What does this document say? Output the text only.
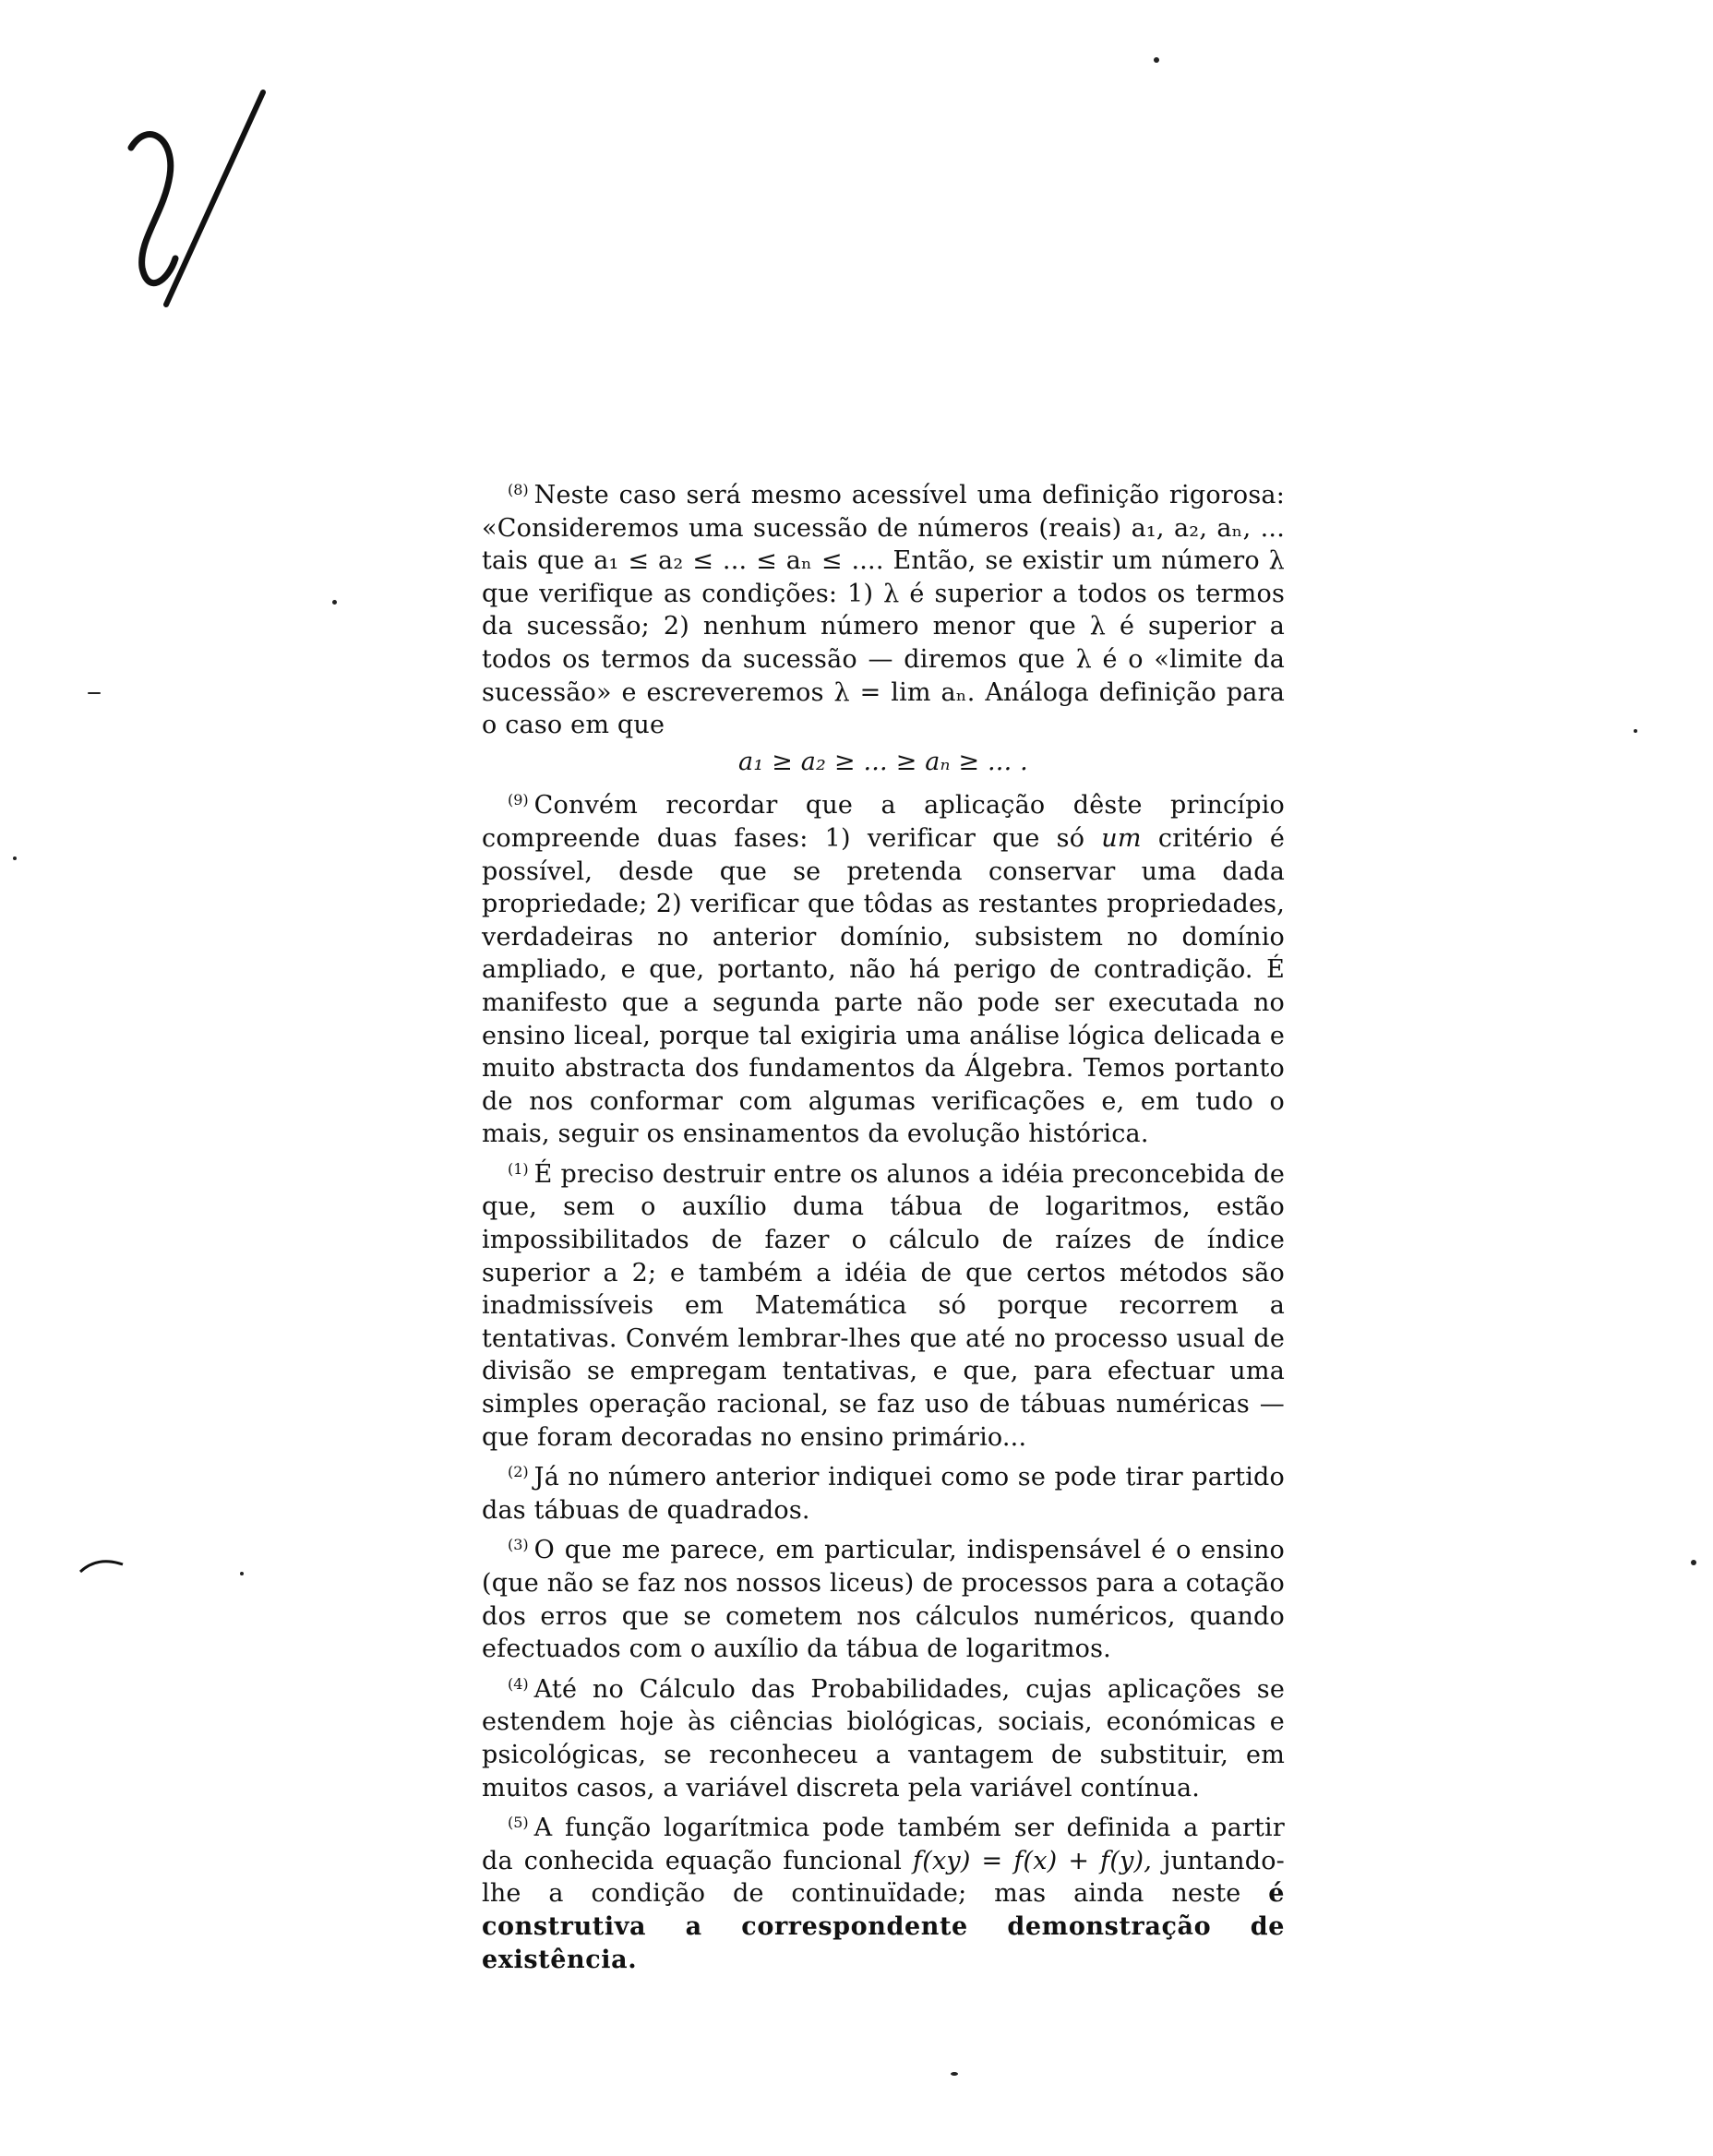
$^{(8)}$ Neste caso será mesmo acessível uma definição rigorosa: «Consideremos uma sucessão de números (reais) a₁, a₂, aₙ, ... tais que a₁ ≤ a₂ ≤ ... ≤ aₙ ≤ .... Então, se existir um número λ que verifique as condições: 1) λ é superior a todos os termos da sucessão; 2) nenhum número menor que λ é superior a todos os termos da sucessão — diremos que λ é o «limite da sucessão» e escreveremos λ = lim aₙ. Análoga definição para o caso em que

a₁ ≥ a₂ ≥ ... ≥ aₙ ≥ ... .

$^{(9)}$ Convém recordar que a aplicação dêste princípio compreende duas fases: 1) verificar que só um critério é possível, desde que se pretenda conservar uma dada propriedade; 2) verificar que tôdas as restantes propriedades, verdadeiras no anterior domínio, subsistem no domínio ampliado, e que, portanto, não há perigo de contradição. É manifesto que a segunda parte não pode ser executada no ensino liceal, porque tal exigiria uma análise lógica delicada e muito abstracta dos fundamentos da Álgebra. Temos portanto de nos conformar com algumas verificações e, em tudo o mais, seguir os ensinamentos da evolução histórica.

$^{(1)}$ É preciso destruir entre os alunos a idéia preconcebida de que, sem o auxílio duma tábua de logaritmos, estão impossibilitados de fazer o cálculo de raízes de índice superior a 2; e também a idéia de que certos métodos são inadmissíveis em Matemática só porque recorrem a tentativas. Convém lembrar-lhes que até no processo usual de divisão se empregam tentativas, e que, para efectuar uma simples operação racional, se faz uso de tábuas numéricas — que foram decoradas no ensino primário...

$^{(2)}$ Já no número anterior indiquei como se pode tirar partido das tábuas de quadrados.

$^{(3)}$ O que me parece, em particular, indispensável é o ensino (que não se faz nos nossos liceus) de processos para a cotação dos erros que se cometem nos cálculos numéricos, quando efectuados com o auxílio da tábua de logaritmos.

$^{(4)}$ Até no Cálculo das Probabilidades, cujas aplicações se estendem hoje às ciências biológicas, sociais, económicas e psicológicas, se reconheceu a vantagem de substituir, em muitos casos, a variável discreta pela variável contínua.

$^{(5)}$ A função logarítmica pode também ser definida a partir da conhecida equação funcional f(xy) = f(x) + f(y), juntando-lhe a condição de continuïdade; mas ainda neste é construtiva a correspondente demonstração de existência.
